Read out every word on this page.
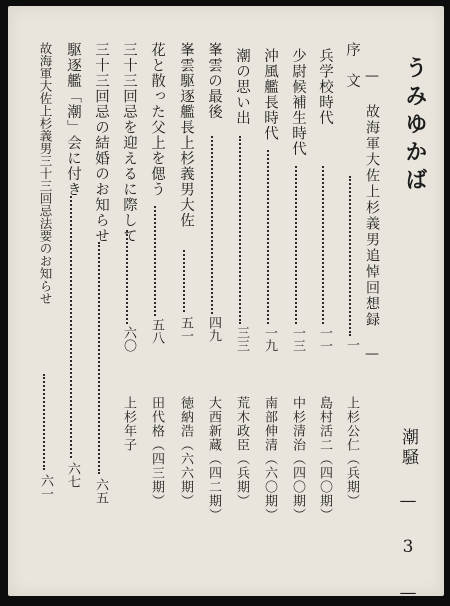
うみゆかば
— 故海軍大佐上杉義男追悼回想録 —
潮騒 — 3 —
序　文
一
上杉公仁（兵期）
兵学校時代
一一
島村活二（四〇期）
少尉候補生時代
一三
中杉清治（四〇期）
沖風艦長時代
一九
南部伸清（六〇期）
潮の思い出
三三
荒木政臣（兵期）
峯雲の最後
四九
大西新蔵（四二期）
峯雲駆逐艦長上杉義男大佐
五一
徳納浩（六六期）
花と散った父上を偲う
五八
田代格（四三期）
三十三回忌を迎えるに際して
六〇
上杉年子
三十三回忌の結婚のお知らせ
六五
駆逐艦「潮」会に付き
六七
故海軍大佐上杉義男三十三回忌法要のお知らせ
六一
